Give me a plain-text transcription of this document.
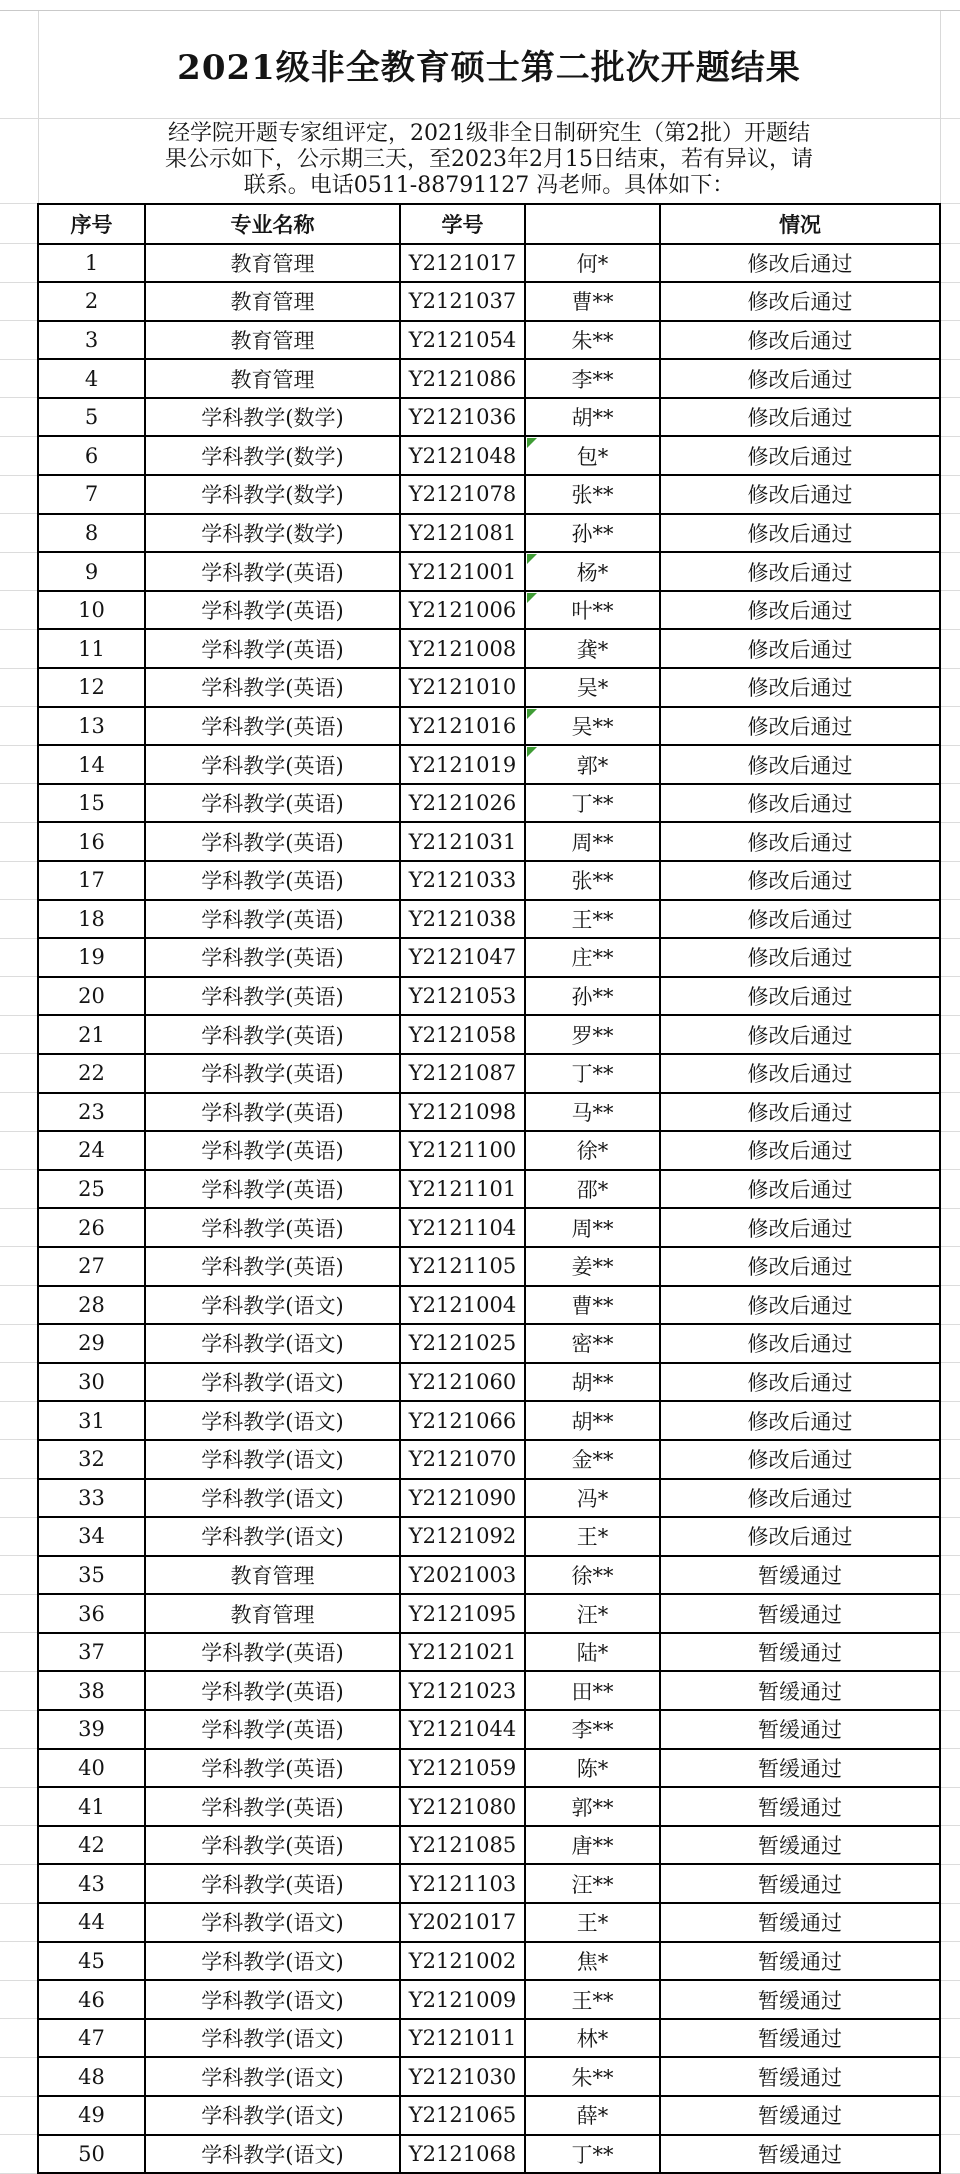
	2021级非全教育硕士第二批次开题结果					

	经学院开题专家组评定，2021级非全日制研究生（第2批）开题结
果公示如下，公示期三天，至2023年2月15日结束，若有异议，请
联系。电话0511-88791127 冯老师。具体如下：					

	序号	专业名称	学号		情况	
	1	教育管理	Y2121017	何*	修改后通过	
	2	教育管理	Y2121037	曹**	修改后通过	
	3	教育管理	Y2121054	朱**	修改后通过	
	4	教育管理	Y2121086	李**	修改后通过	
	5	学科教学(数学)	Y2121036	胡**	修改后通过	
	6	学科教学(数学)	Y2121048	包*	修改后通过	
	7	学科教学(数学)	Y2121078	张**	修改后通过	
	8	学科教学(数学)	Y2121081	孙**	修改后通过	
	9	学科教学(英语)	Y2121001	杨*	修改后通过	
	10	学科教学(英语)	Y2121006	叶**	修改后通过	
	11	学科教学(英语)	Y2121008	龚*	修改后通过	
	12	学科教学(英语)	Y2121010	吴*	修改后通过	
	13	学科教学(英语)	Y2121016	吴**	修改后通过	
	14	学科教学(英语)	Y2121019	郭*	修改后通过	
	15	学科教学(英语)	Y2121026	丁**	修改后通过	
	16	学科教学(英语)	Y2121031	周**	修改后通过	
	17	学科教学(英语)	Y2121033	张**	修改后通过	
	18	学科教学(英语)	Y2121038	王**	修改后通过	
	19	学科教学(英语)	Y2121047	庄**	修改后通过	
	20	学科教学(英语)	Y2121053	孙**	修改后通过	
	21	学科教学(英语)	Y2121058	罗**	修改后通过	
	22	学科教学(英语)	Y2121087	丁**	修改后通过	
	23	学科教学(英语)	Y2121098	马**	修改后通过	
	24	学科教学(英语)	Y2121100	徐*	修改后通过	
	25	学科教学(英语)	Y2121101	邵*	修改后通过	
	26	学科教学(英语)	Y2121104	周**	修改后通过	
	27	学科教学(英语)	Y2121105	姜**	修改后通过	
	28	学科教学(语文)	Y2121004	曹**	修改后通过	
	29	学科教学(语文)	Y2121025	密**	修改后通过	
	30	学科教学(语文)	Y2121060	胡**	修改后通过	
	31	学科教学(语文)	Y2121066	胡**	修改后通过	
	32	学科教学(语文)	Y2121070	金**	修改后通过	
	33	学科教学(语文)	Y2121090	冯*	修改后通过	
	34	学科教学(语文)	Y2121092	王*	修改后通过	
	35	教育管理	Y2021003	徐**	暂缓通过	
	36	教育管理	Y2121095	汪*	暂缓通过	
	37	学科教学(英语)	Y2121021	陆*	暂缓通过	
	38	学科教学(英语)	Y2121023	田**	暂缓通过	
	39	学科教学(英语)	Y2121044	李**	暂缓通过	
	40	学科教学(英语)	Y2121059	陈*	暂缓通过	
	41	学科教学(英语)	Y2121080	郭**	暂缓通过	
	42	学科教学(英语)	Y2121085	唐**	暂缓通过	
	43	学科教学(英语)	Y2121103	汪**	暂缓通过	
	44	学科教学(语文)	Y2021017	王*	暂缓通过	
	45	学科教学(语文)	Y2121002	焦*	暂缓通过	
	46	学科教学(语文)	Y2121009	王**	暂缓通过	
	47	学科教学(语文)	Y2121011	林*	暂缓通过	
	48	学科教学(语文)	Y2121030	朱**	暂缓通过	
	49	学科教学(语文)	Y2121065	薛*	暂缓通过	
	50	学科教学(语文)	Y2121068	丁**	暂缓通过	
